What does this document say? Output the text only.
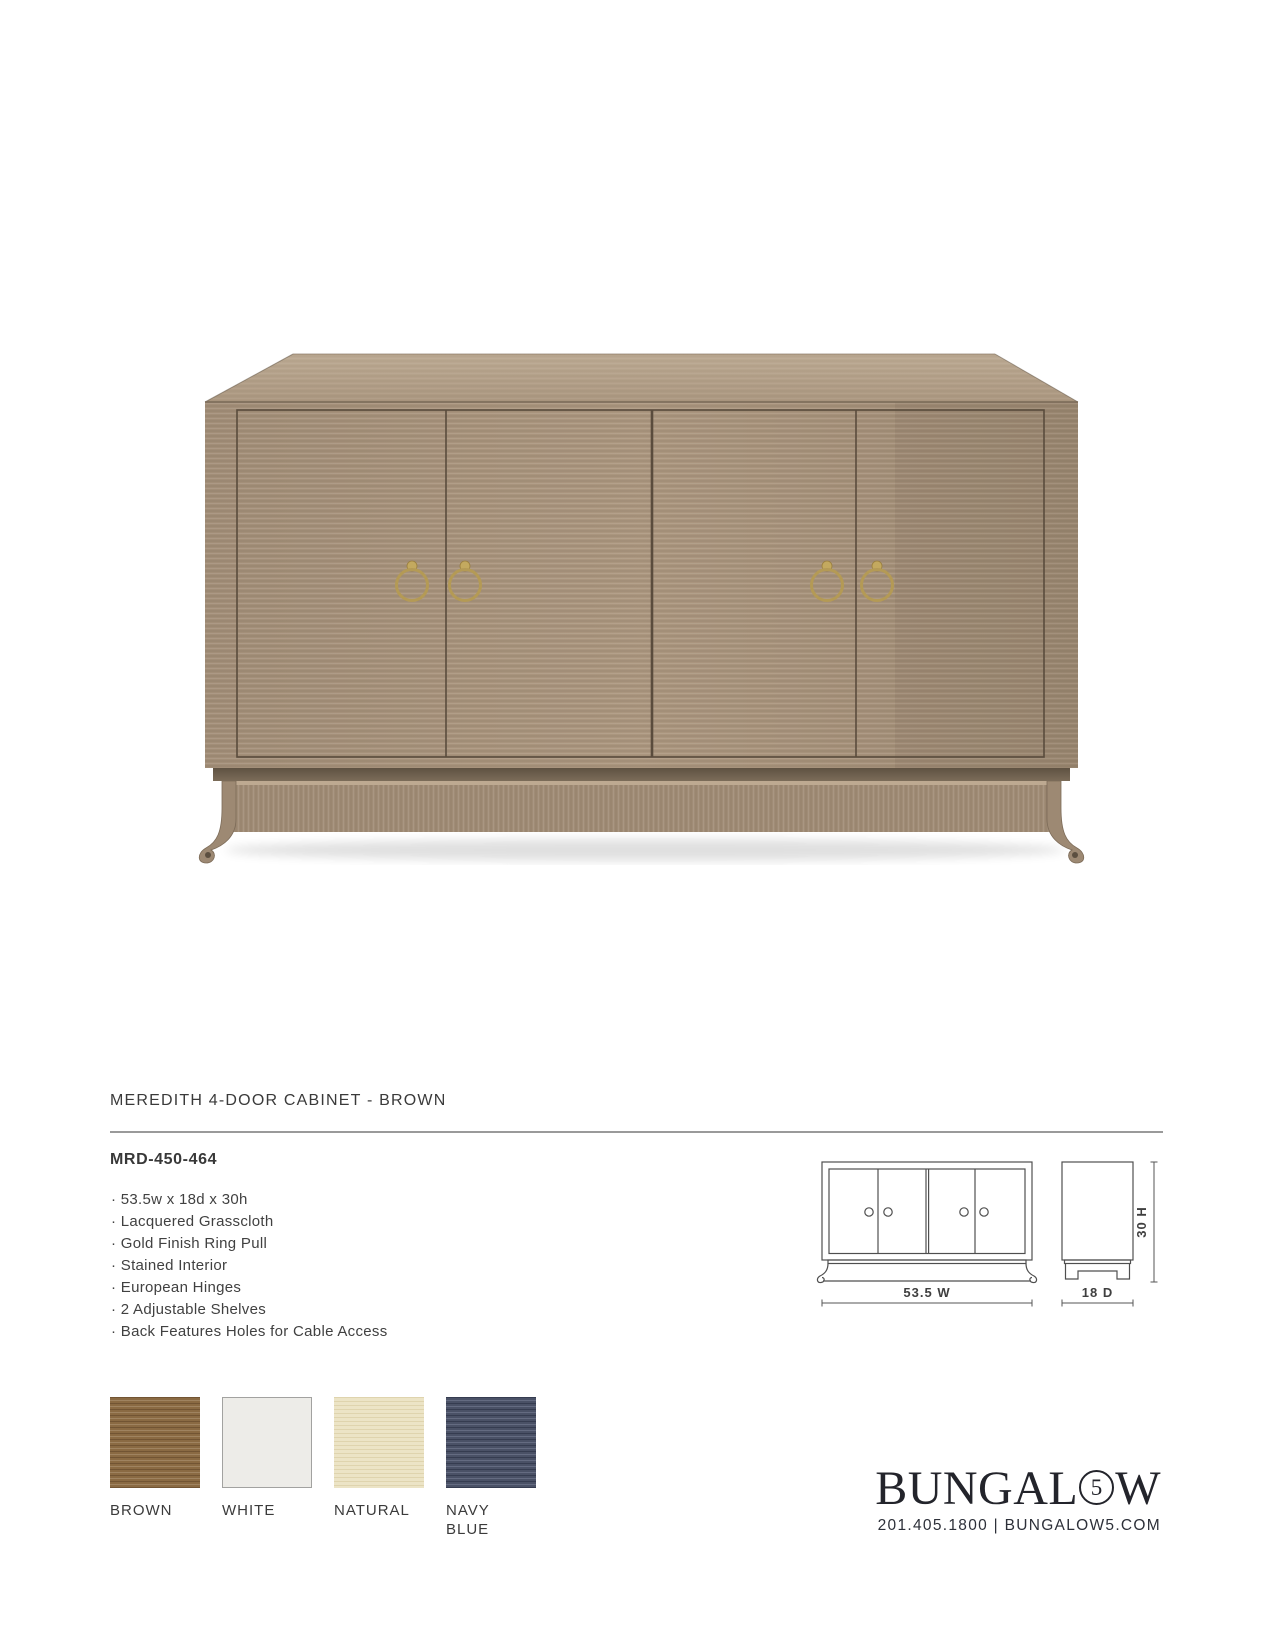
MEREDITH 4-DOOR CABINET - BROWN
MRD-450-464
· 53.5w x 18d x 30h
· Lacquered Grasscloth
· Gold Finish Ring Pull
· Stained Interior
· European Hinges
· 2 Adjustable Shelves
· Back Features Holes for Cable Access
53.5 W	18 D
30 H
BROWN	WHITE	NATURAL NAVY BLUE
BUNGAL 5 W
201.405.1800 | BUNGALOW5.COM
